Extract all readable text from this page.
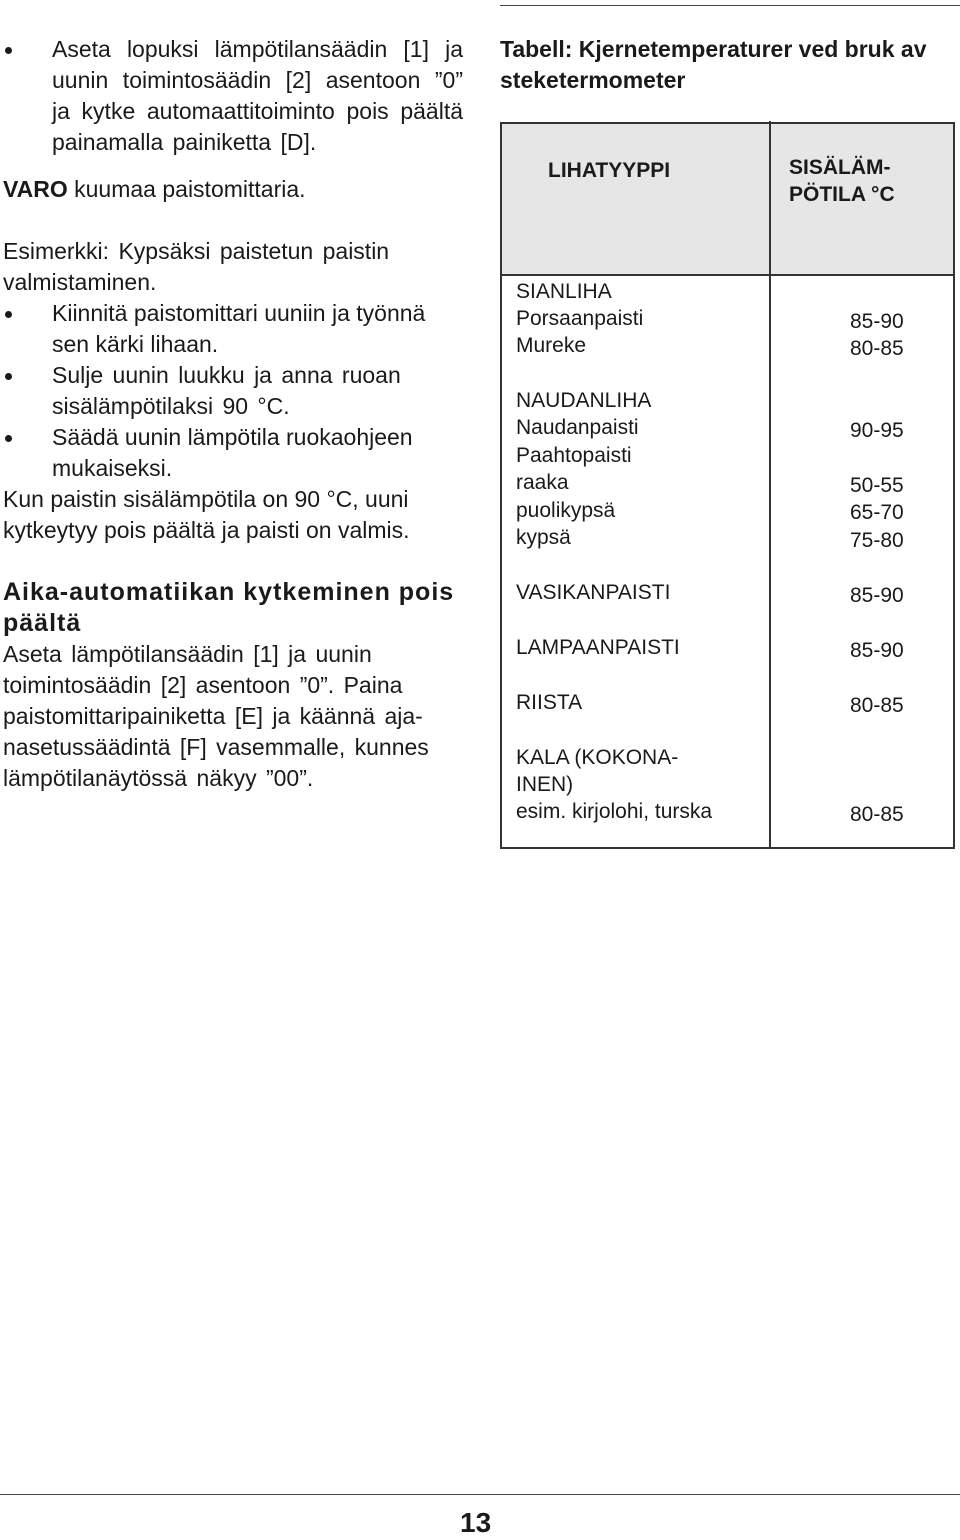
Aseta lopuksi lämpötilansäädin [1] ja uunin toimintosäädin [2] asentoon ”0” ja kytke automaattitoiminto pois päältä painamalla painiketta [D].
VARO kuumaa paistomittaria.
Esimerkki: Kypsäksi paistetun paistin valmistaminen.
Kiinnitä paistomittari uuniin ja työnnä sen kärki lihaan.
Sulje uunin luukku ja anna ruoan sisälämpötilaksi 90 °C.
Säädä uunin lämpötila ruokaohjeen mukaiseksi.
Kun paistin sisälämpötila on 90 °C, uuni kytkeytyy pois päältä ja paisti on valmis.
Aika-automatiikan kytkeminen pois päältä
Aseta lämpötilansäädin [1] ja uunin toimintosäädin [2] asentoon ”0”. Paina paistomittaripainiketta [E] ja käännä aja-nasetussäädintä [F] vasemmalle, kunnes lämpötilanäytössä näkyy ”00”.
Tabell: Kjernetemperaturer ved bruk av steketermometer
LIHATYYPPI	SISÄLÄM-
PÖTILA °C
SIANLIHA
Porsaanpaisti	85-90
Mureke	80-85
NAUDANLIHA
Naudanpaisti	90-95
Paahtopaisti
raaka	50-55
puolikypsä	65-70
kypsä	75-80
VASIKANPAISTI	85-90
LAMPAANPAISTI	85-90
RIISTA	80-85
KALA (KOKONA-
INEN)
esim. kirjolohi, turska	80-85
13
